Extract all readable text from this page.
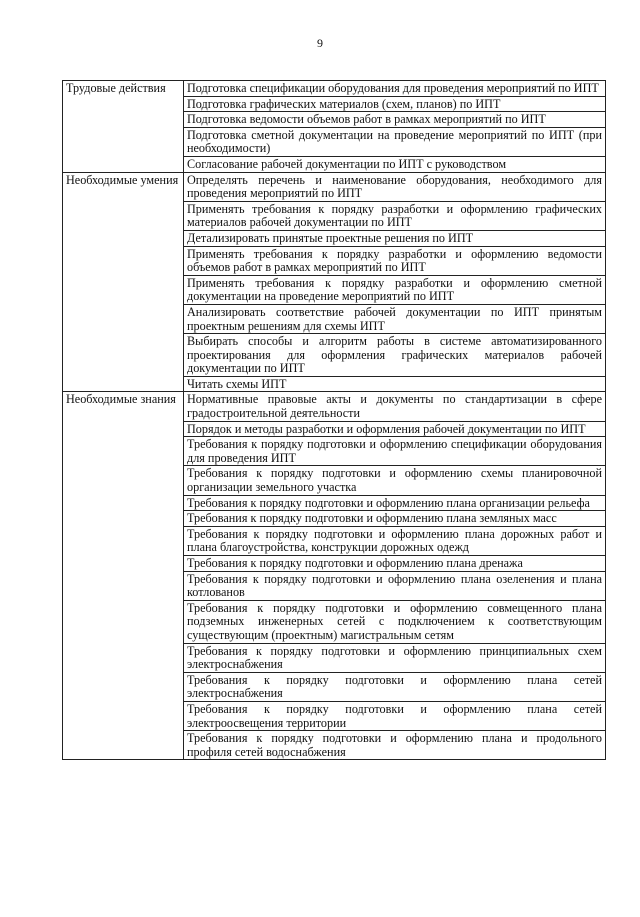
9
Трудовые действия	Подготовка спецификации оборудования для проведения мероприятий по ИПТ
	Подготовка графических материалов (схем, планов) по ИПТ
	Подготовка ведомости объемов работ в рамках мероприятий по ИПТ
	Подготовка сметной документации на проведение мероприятий по ИПТ (при необходимости)
	Согласование рабочей документации по ИПТ с руководством
Необходимые умения	Определять перечень и наименование оборудования, необходимого для проведения мероприятий по ИПТ
	Применять требования к порядку разработки и оформлению графических материалов рабочей документации по ИПТ
	Детализировать принятые проектные решения по ИПТ
	Применять требования к порядку разработки и оформлению ведомости объемов работ в рамках мероприятий по ИПТ
	Применять требования к порядку разработки и оформлению сметной документации на проведение мероприятий по ИПТ
	Анализировать соответствие рабочей документации по ИПТ принятым проектным решениям для схемы ИПТ
	Выбирать способы и алгоритм работы в системе автоматизированного проектирования для оформления графических материалов рабочей документации по ИПТ
	Читать схемы ИПТ
Необходимые знания	Нормативные правовые акты и документы по стандартизации в сфере градостроительной деятельности
	Порядок и методы разработки и оформления рабочей документации по ИПТ
	Требования к порядку подготовки и оформлению спецификации оборудования для проведения ИПТ
	Требования к порядку подготовки и оформлению схемы планировочной организации земельного участка
	Требования к порядку подготовки и оформлению плана организации рельефа
	Требования к порядку подготовки и оформлению плана земляных масс
	Требования к порядку подготовки и оформлению плана дорожных работ и плана благоустройства, конструкции дорожных одежд
	Требования к порядку подготовки и оформлению плана дренажа
	Требования к порядку подготовки и оформлению плана озеленения и плана котлованов
	Требования к порядку подготовки и оформлению совмещенного плана подземных инженерных сетей с подключением к соответствующим существующим (проектным) магистральным сетям
	Требования к порядку подготовки и оформлению принципиальных схем электроснабжения
	Требования к порядку подготовки и оформлению плана сетей электроснабжения
	Требования к порядку подготовки и оформлению плана сетей электроосвещения территории
	Требования к порядку подготовки и оформлению плана и продольного профиля сетей водоснабжения
